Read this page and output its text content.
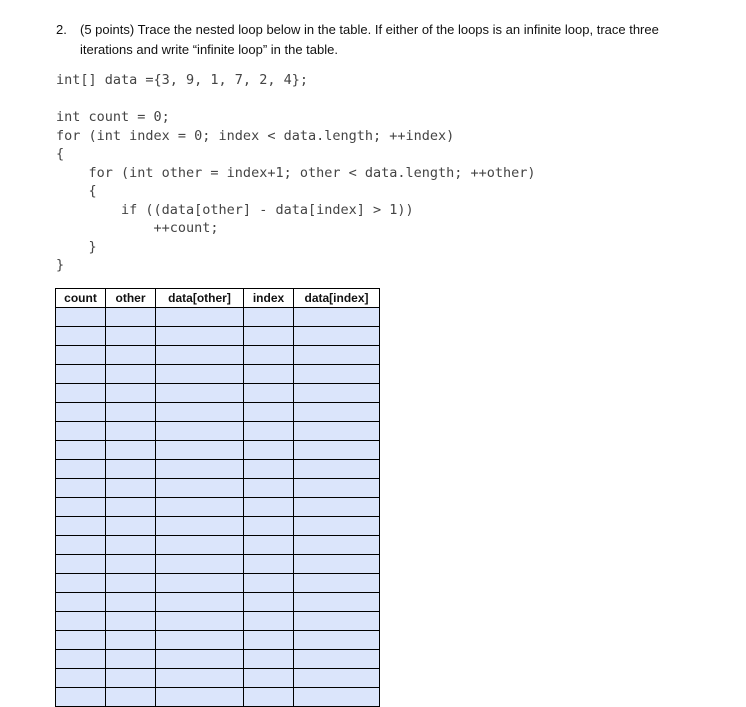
2. (5 points) Trace the nested loop below in the table. If either of the loops is an infinite loop, trace three iterations and write “infinite loop” in the table.
int[] data ={3, 9, 1, 7, 2, 4};
int count = 0;
for (int index = 0; index < data.length; ++index)
{
for (int other = index+1; other < data.length; ++other)
{
if ((data[other] - data[index] > 1))
++count;
}
}
count	other	data[other]	index	data[index]
